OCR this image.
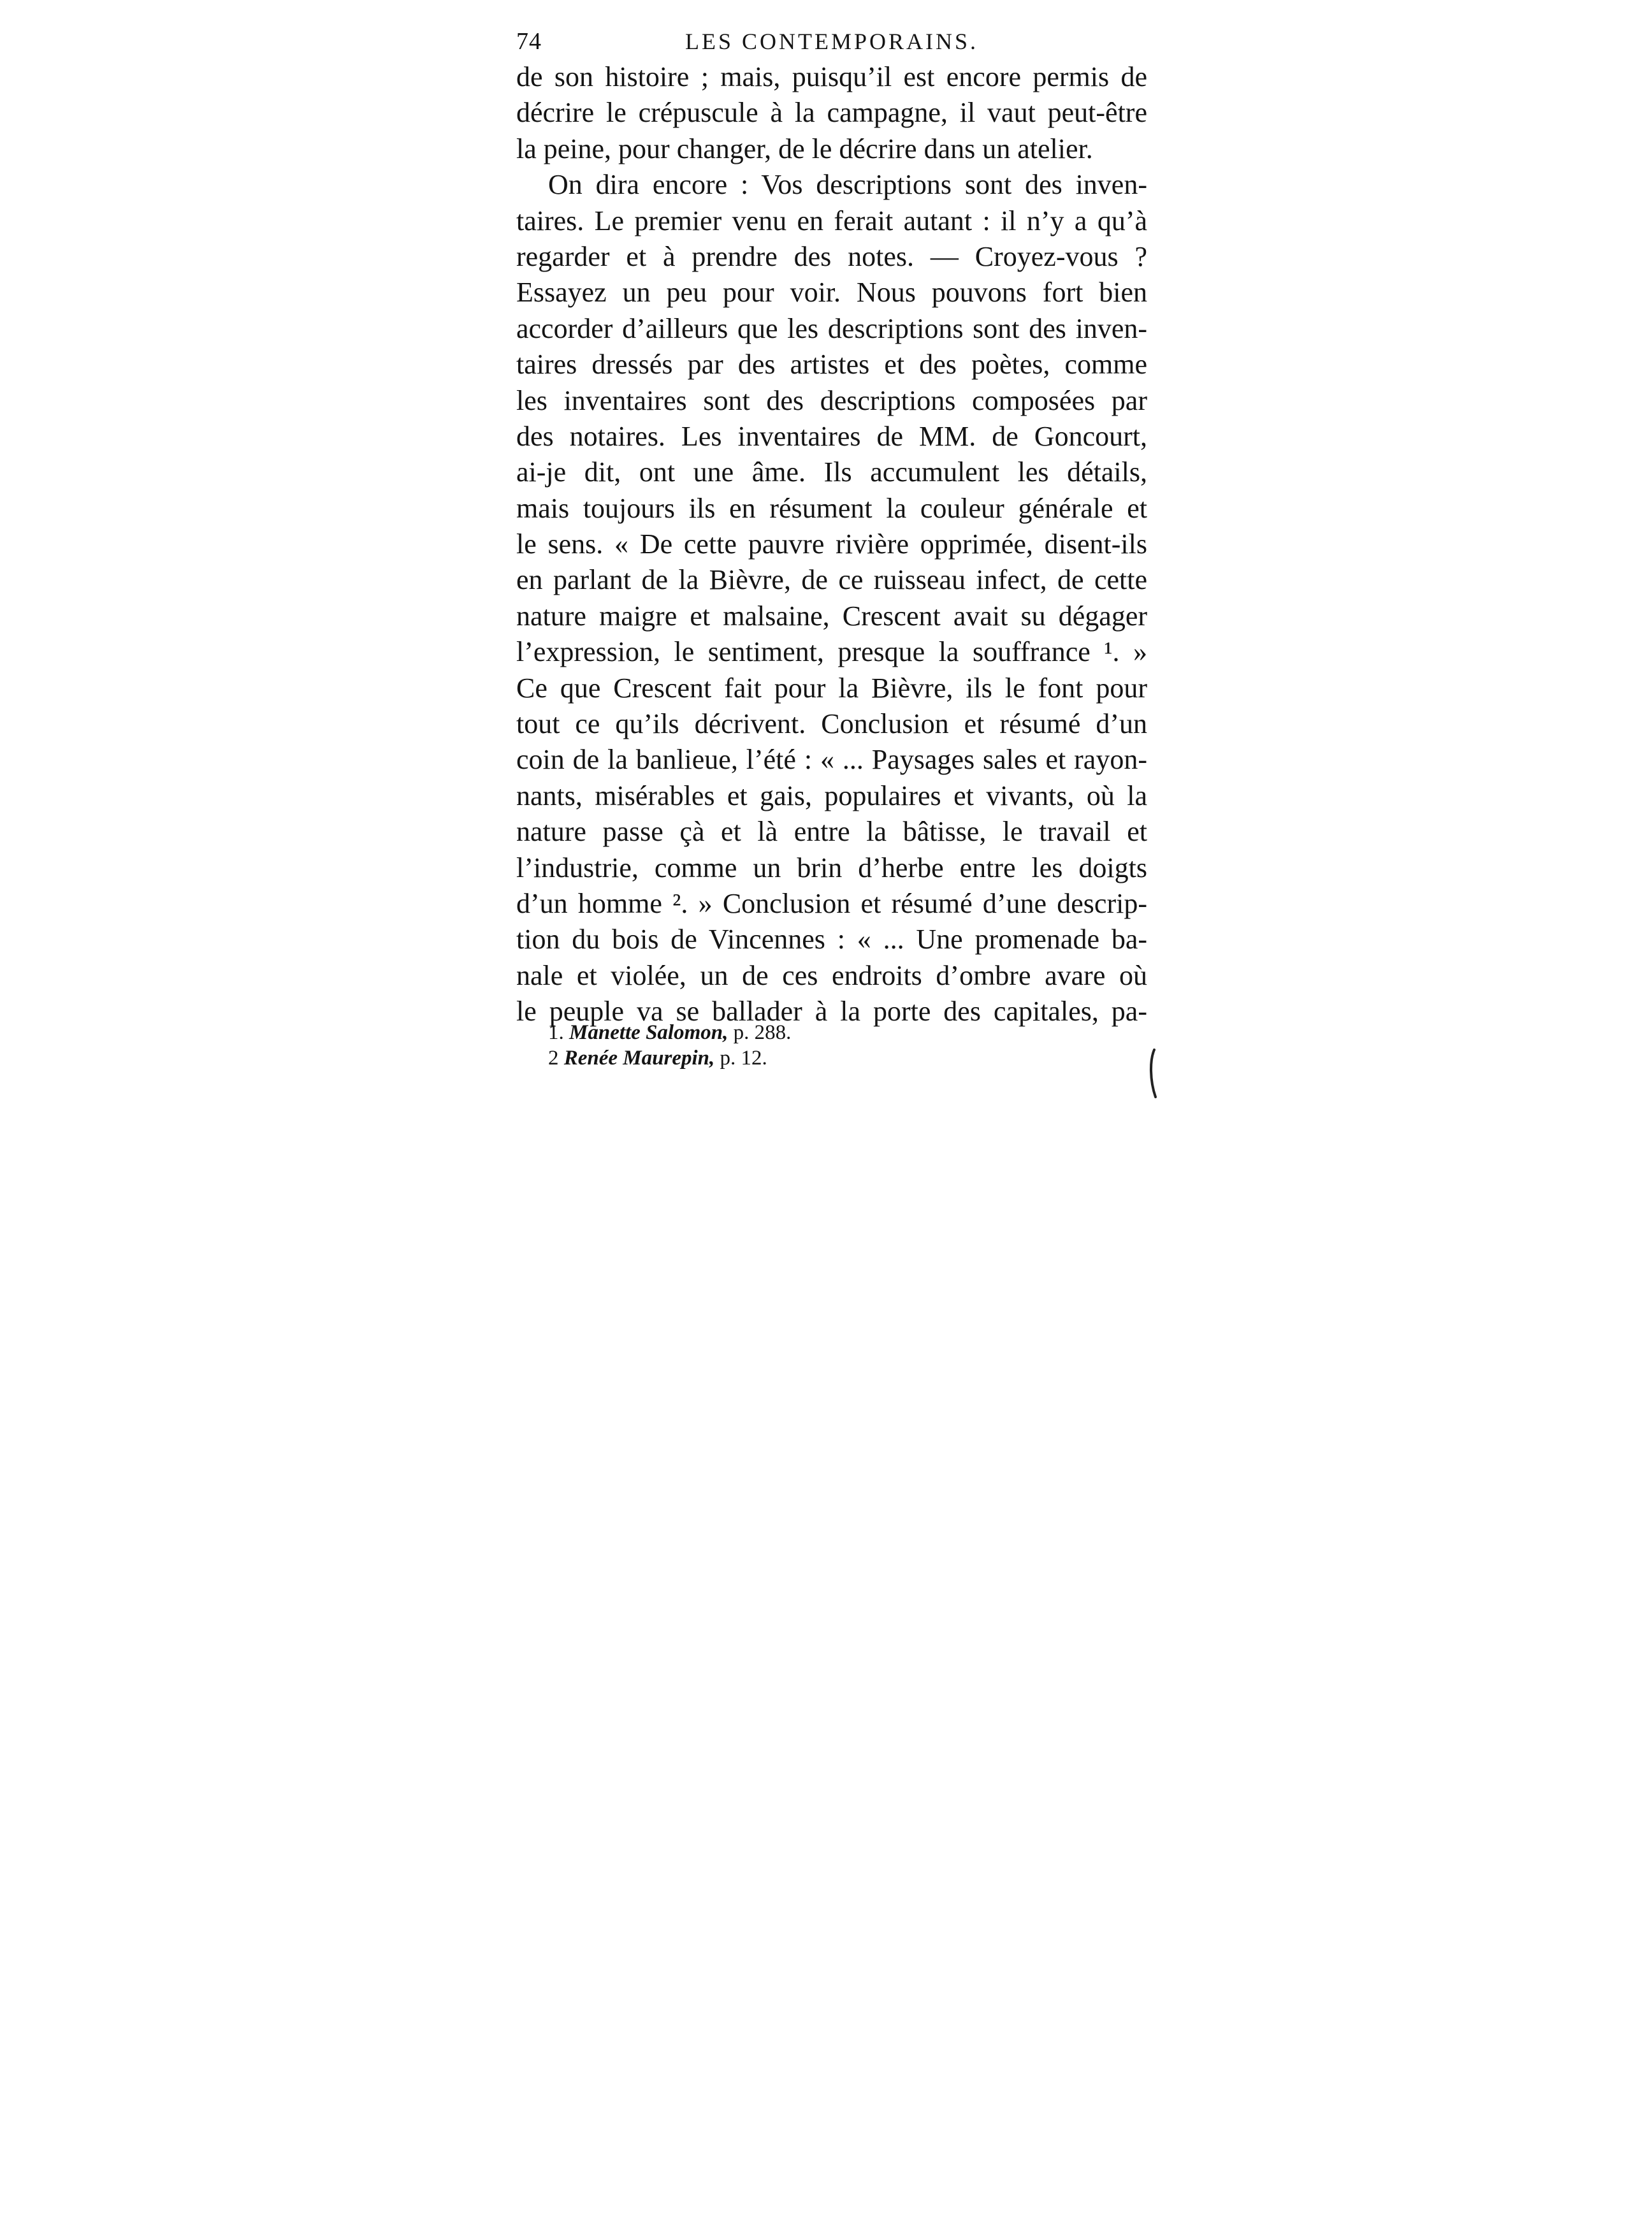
74	LES CONTEMPORAINS.
de son histoire ; mais, puisqu’il est encore permis de
décrire le crépuscule à la campagne, il vaut peut-être
la peine, pour changer, de le décrire dans un atelier.
On dira encore : Vos descriptions sont des inven-
taires. Le premier venu en ferait autant : il n’y a qu’à
regarder et à prendre des notes. — Croyez-vous ?
Essayez un peu pour voir. Nous pouvons fort bien
accorder d’ailleurs que les descriptions sont des inven-
taires dressés par des artistes et des poètes, comme
les inventaires sont des descriptions composées par
des notaires. Les inventaires de MM. de Goncourt,
ai-je dit, ont une âme. Ils accumulent les détails,
mais toujours ils en résument la couleur générale et
le sens. « De cette pauvre rivière opprimée, disent-ils
en parlant de la Bièvre, de ce ruisseau infect, de cette
nature maigre et malsaine, Crescent avait su dégager
l’expression, le sentiment, presque la souffrance ¹. »
Ce que Crescent fait pour la Bièvre, ils le font pour
tout ce qu’ils décrivent. Conclusion et résumé d’un
coin de la banlieue, l’été : « ... Paysages sales et rayon-
nants, misérables et gais, populaires et vivants, où la
nature passe çà et là entre la bâtisse, le travail et
l’industrie, comme un brin d’herbe entre les doigts
d’un homme ². » Conclusion et résumé d’une descrip-
tion du bois de Vincennes : « ... Une promenade ba-
nale et violée, un de ces endroits d’ombre avare où
le peuple va se ballader à la porte des capitales, pa-
1. Manette Salomon, p. 288.
2 Renée Maurepin, p. 12.
